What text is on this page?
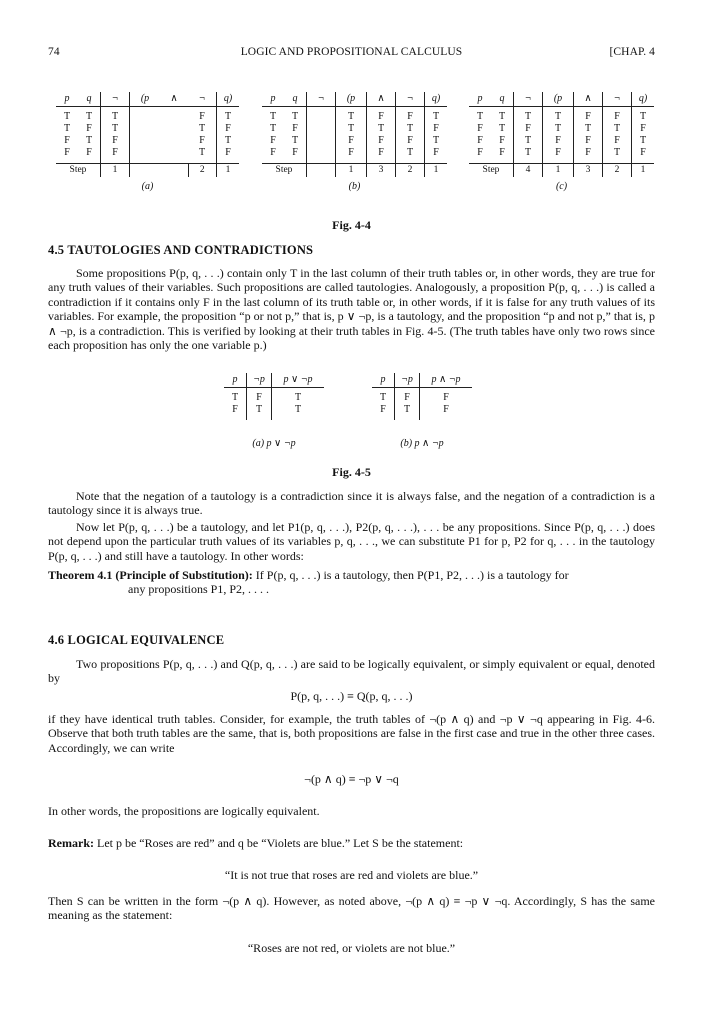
74	LOGIC AND PROPOSITIONAL CALCULUS	[CHAP. 4
p	q	¬	(p	∧	¬	q)
T	T	T			F	T
T	F	T			T	F
F	T	F			F	T
F	F	F			T	F
Step		1			2	1
(a)
p	q	¬	(p	∧	¬	q)
T	T		T	F	F	T
T	F		T	T	T	F
F	T		F	F	F	T
F	F		F	F	T	F
Step			1	3	2	1
(b)
p	q	¬	(p	∧	¬	q)
T	T	T	T	F	F	T
F	T	F	T	T	T	F
F	F	T	F	F	F	T
F	F	T	F	F	T	F
Step		4	1	3	2	1
(c)
Fig. 4-4
4.5 TAUTOLOGIES AND CONTRADICTIONS
Some propositions P(p, q, . . .) contain only T in the last column of their truth tables or, in other words, they are true for any truth values of their variables. Such propositions are called tautologies. Analogously, a proposition P(p, q, . . .) is called a contradiction if it contains only F in the last column of its truth table or, in other words, if it is false for any truth values of its variables. For example, the proposition “p or not p,” that is, p ∨ ¬p, is a tautology, and the proposition “p and not p,” that is, p ∧ ¬p, is a contradiction. This is verified by looking at their truth tables in Fig. 4-5. (The truth tables have only two rows since each proposition has only the one variable p.)
p	¬p	p ∨ ¬p
T	F	T
F	T	T
(a) p ∨ ¬p
p	¬p	p ∧ ¬p
T	F	F
F	T	F
(b) p ∧ ¬p
Fig. 4-5
Note that the negation of a tautology is a contradiction since it is always false, and the negation of a contradiction is a tautology since it is always true.
Now let P(p, q, . . .) be a tautology, and let P1(p, q, . . .), P2(p, q, . . .), . . . be any propositions. Since P(p, q, . . .) does not depend upon the particular truth values of its variables p, q, . . ., we can substitute P1 for p, P2 for q, . . . in the tautology P(p, q, . . .) and still have a tautology. In other words:
Theorem 4.1 (Principle of Substitution): If P(p, q, . . .) is a tautology, then P(P1, P2, . . .) is a tautology for
any propositions P1, P2, . . . .
4.6 LOGICAL EQUIVALENCE
Two propositions P(p, q, . . .) and Q(p, q, . . .) are said to be logically equivalent, or simply equivalent or equal, denoted by
P(p, q, . . .) ≡ Q(p, q, . . .)
if they have identical truth tables. Consider, for example, the truth tables of ¬(p ∧ q) and ¬p ∨ ¬q appearing in Fig. 4-6. Observe that both truth tables are the same, that is, both propositions are false in the first case and true in the other three cases. Accordingly, we can write
¬(p ∧ q) ≡ ¬p ∨ ¬q
In other words, the propositions are logically equivalent.
Remark: Let p be “Roses are red” and q be “Violets are blue.” Let S be the statement:
“It is not true that roses are red and violets are blue.”
Then S can be written in the form ¬(p ∧ q). However, as noted above, ¬(p ∧ q) ≡ ¬p ∨ ¬q. Accordingly, S has the same meaning as the statement:
“Roses are not red, or violets are not blue.”
